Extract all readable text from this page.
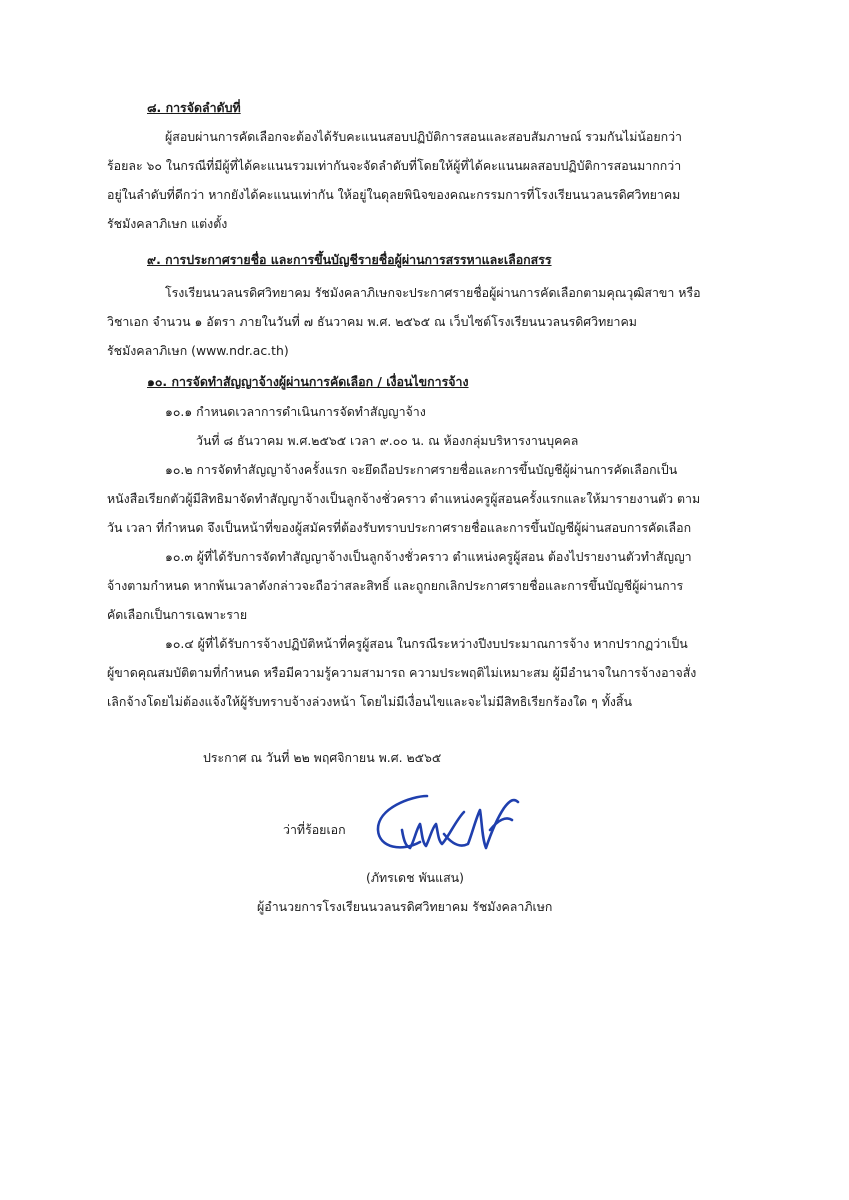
๘. การจัดลำดับที่
ผู้สอบผ่านการคัดเลือกจะต้องได้รับคะแนนสอบปฏิบัติการสอนและสอบสัมภาษณ์ รวมกันไม่น้อยกว่า
ร้อยละ ๖๐ ในกรณีที่มีผู้ที่ได้คะแนนรวมเท่ากันจะจัดลำดับที่โดยให้ผู้ที่ได้คะแนนผลสอบปฏิบัติการสอนมากกว่า
อยู่ในลำดับที่ดีกว่า หากยังได้คะแนนเท่ากัน ให้อยู่ในดุลยพินิจของคณะกรรมการที่โรงเรียนนวลนรดิศวิทยาคม
รัชมังคลาภิเษก แต่งตั้ง
๙. การประกาศรายชื่อ และการขึ้นบัญชีรายชื่อผู้ผ่านการสรรหาและเลือกสรร
โรงเรียนนวลนรดิศวิทยาคม รัชมังคลาภิเษกจะประกาศรายชื่อผู้ผ่านการคัดเลือกตามคุณวุฒิสาขา หรือ
วิชาเอก จำนวน ๑ อัตรา ภายในวันที่ ๗ ธันวาคม พ.ศ. ๒๕๖๕ ณ เว็บไซต์โรงเรียนนวลนรดิศวิทยาคม
รัชมังคลาภิเษก (www.ndr.ac.th)
๑๐. การจัดทำสัญญาจ้างผู้ผ่านการคัดเลือก / เงื่อนไขการจ้าง
๑๐.๑ กำหนดเวลาการดำเนินการจัดทำสัญญาจ้าง
วันที่ ๘ ธันวาคม พ.ศ.๒๕๖๕ เวลา ๙.๐๐ น. ณ ห้องกลุ่มบริหารงานบุคคล
๑๐.๒ การจัดทำสัญญาจ้างครั้งแรก จะยึดถือประกาศรายชื่อและการขึ้นบัญชีผู้ผ่านการคัดเลือกเป็น
หนังสือเรียกตัวผู้มีสิทธิมาจัดทำสัญญาจ้างเป็นลูกจ้างชั่วคราว ตำแหน่งครูผู้สอนครั้งแรกและให้มารายงานตัว ตาม
วัน เวลา ที่กำหนด จึงเป็นหน้าที่ของผู้สมัครที่ต้องรับทราบประกาศรายชื่อและการขึ้นบัญชีผู้ผ่านสอบการคัดเลือก
๑๐.๓ ผู้ที่ได้รับการจัดทำสัญญาจ้างเป็นลูกจ้างชั่วคราว ตำแหน่งครูผู้สอน ต้องไปรายงานตัวทำสัญญา
จ้างตามกำหนด หากพ้นเวลาดังกล่าวจะถือว่าสละสิทธิ์ และถูกยกเลิกประกาศรายชื่อและการขึ้นบัญชีผู้ผ่านการ
คัดเลือกเป็นการเฉพาะราย
๑๐.๔ ผู้ที่ได้รับการจ้างปฏิบัติหน้าที่ครูผู้สอน ในกรณีระหว่างปีงบประมาณการจ้าง หากปรากฏว่าเป็น
ผู้ขาดคุณสมบัติตามที่กำหนด หรือมีความรู้ความสามารถ ความประพฤติไม่เหมาะสม ผู้มีอำนาจในการจ้างอาจสั่ง
เลิกจ้างโดยไม่ต้องแจ้งให้ผู้รับทราบจ้างล่วงหน้า โดยไม่มีเงื่อนไขและจะไม่มีสิทธิเรียกร้องใด ๆ ทั้งสิ้น
ประกาศ ณ วันที่ ๒๒ พฤศจิกายน พ.ศ. ๒๕๖๕
ว่าที่ร้อยเอก
(ภัทรเดช พันแสน)
ผู้อำนวยการโรงเรียนนวลนรดิศวิทยาคม รัชมังคลาภิเษก
